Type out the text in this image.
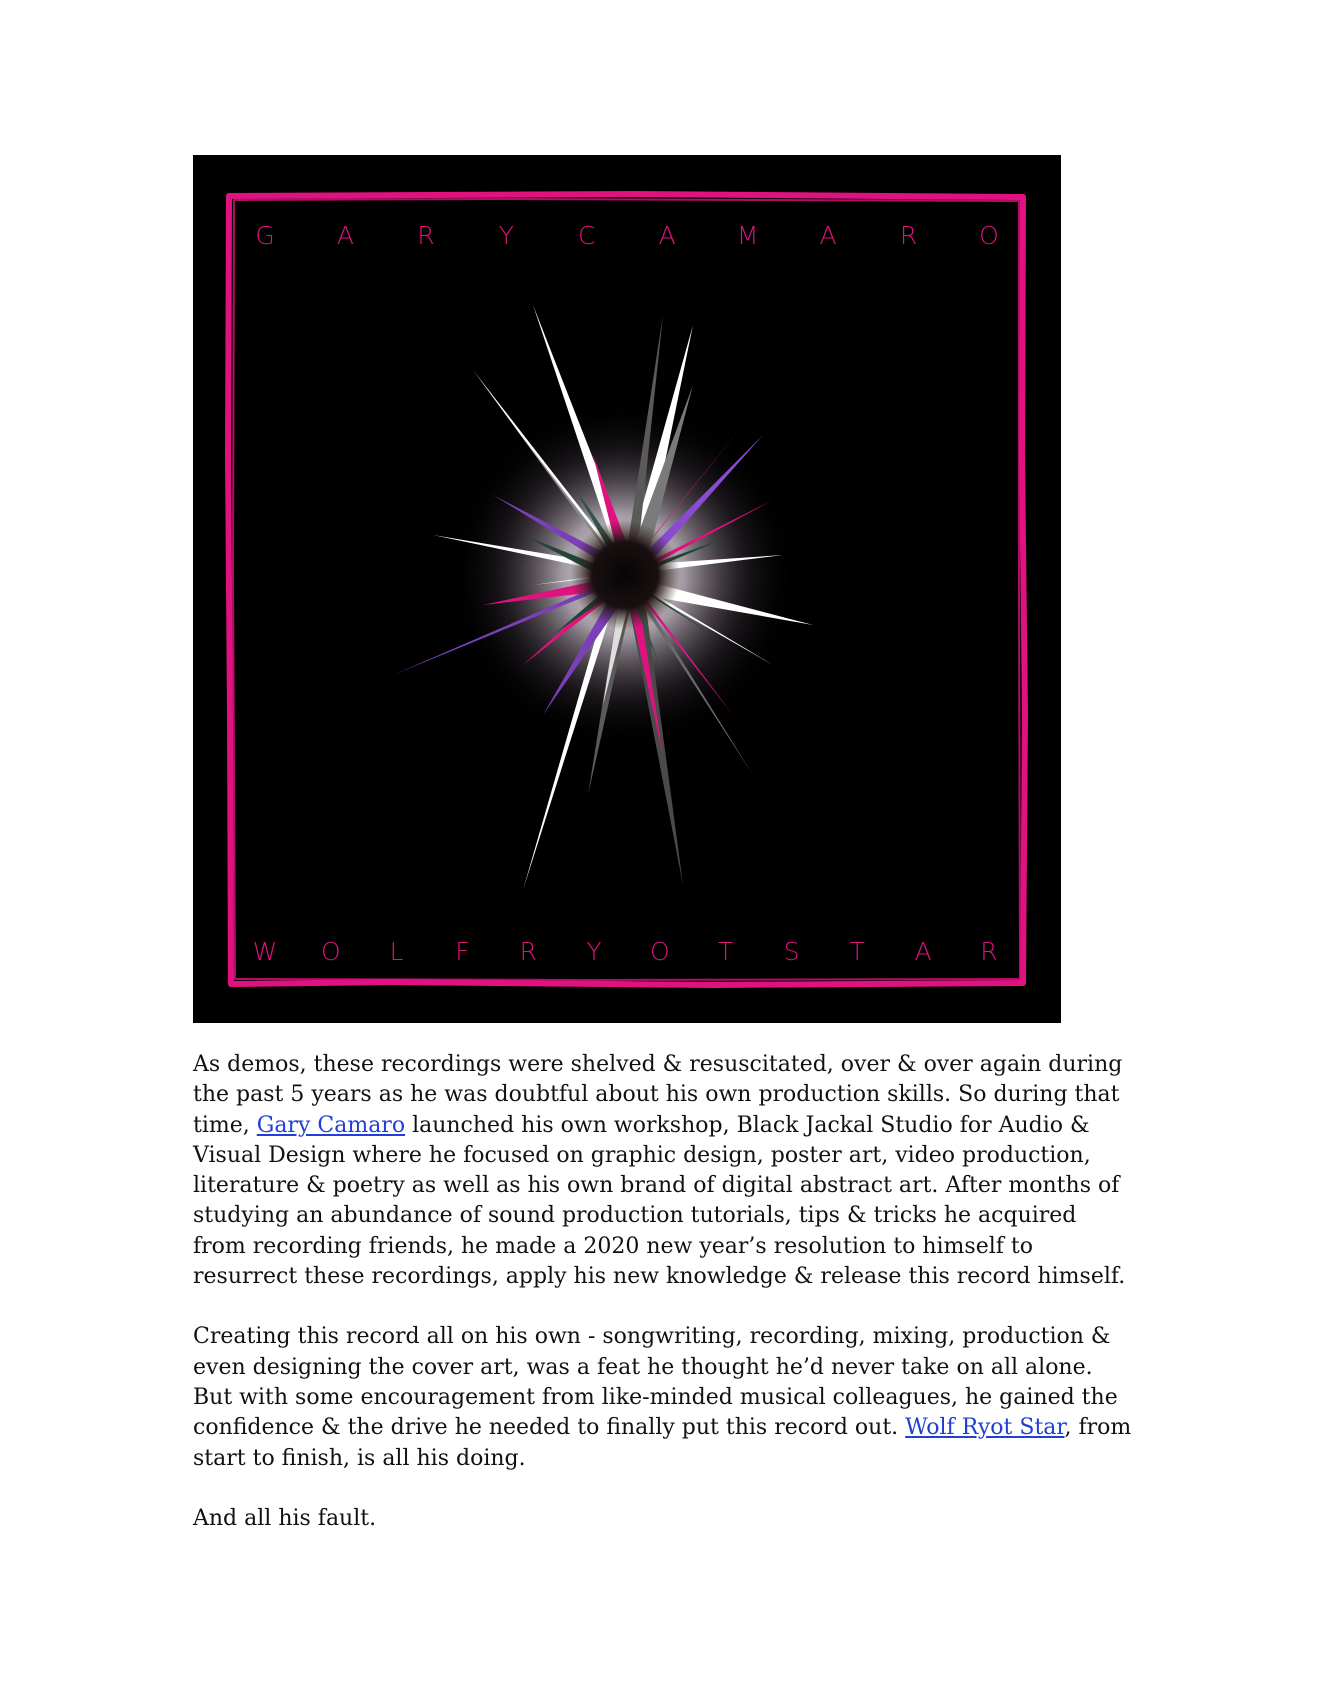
G A	R	Y	C	A M A	R O
W O L F R Y O T S T A R

As demos, these recordings were shelved & resuscitated, over & over again during the past 5 years as he was doubtful about his own production skills. So during that time, Gary Camaro launched his own workshop, Black Jackal Studio for Audio & Visual Design where he focused on graphic design, poster art, video production, literature & poetry as well as his own brand of digital abstract art. After months of studying an abundance of sound production tutorials, tips & tricks he acquired from recording friends, he made a 2020 new year’s resolution to himself to resurrect these recordings, apply his new knowledge & release this record himself.

Creating this record all on his own - songwriting, recording, mixing, production & even designing the cover art, was a feat he thought he’d never take on all alone. But with some encouragement from like-minded musical colleagues, he gained the confidence & the drive he needed to finally put this record out. Wolf Ryot Star, from start to finish, is all his doing.

And all his fault.
